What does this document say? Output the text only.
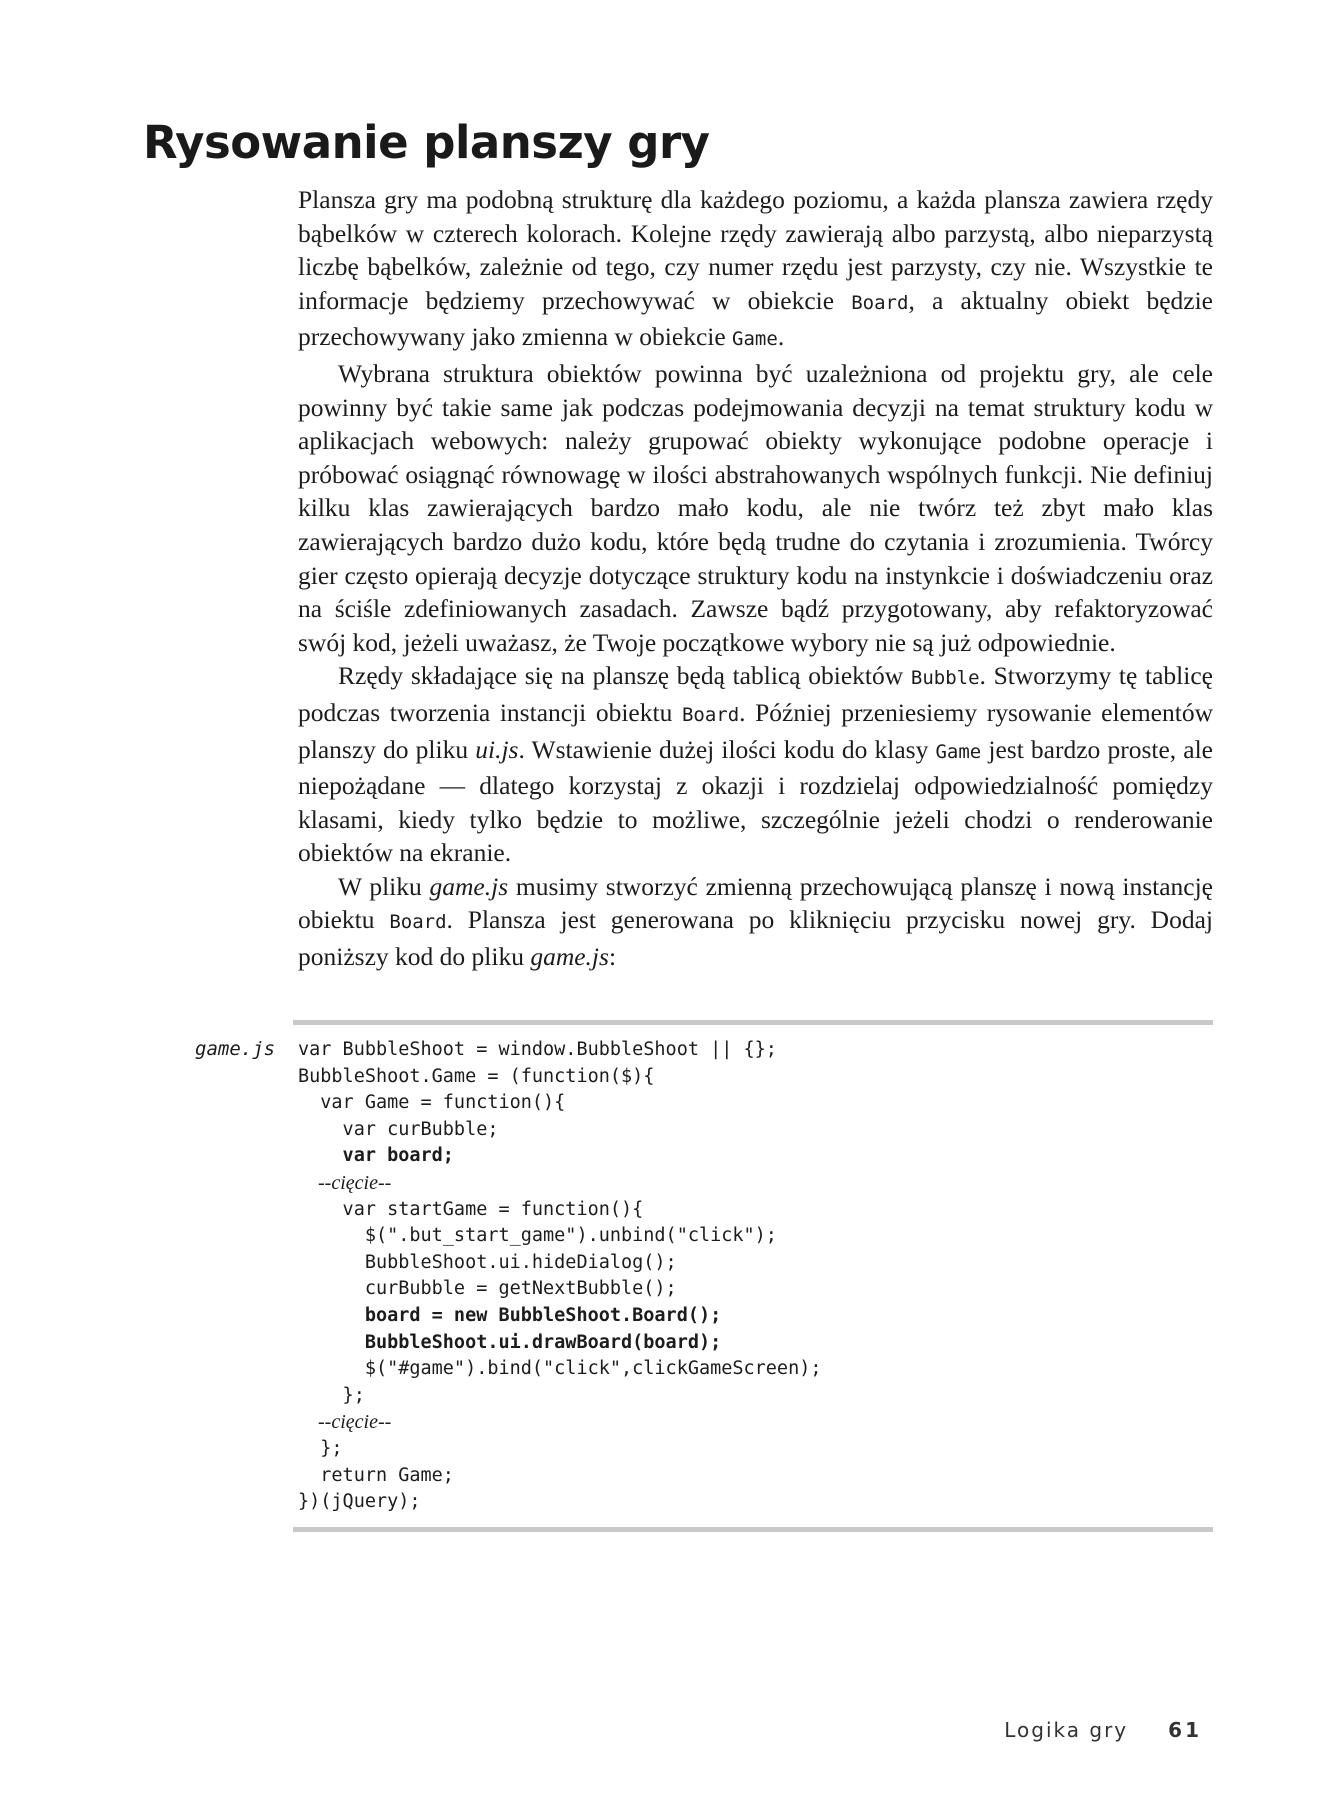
Rysowanie planszy gry

Plansza gry ma podobną strukturę dla każdego poziomu, a każda plansza zawiera rzędy bąbelków w czterech kolorach. Kolejne rzędy zawierają albo parzystą, albo nieparzystą liczbę bąbelków, zależnie od tego, czy numer rzędu jest parzysty, czy nie. Wszystkie te informacje będziemy przechowywać w obiekcie Board, a aktualny obiekt będzie przechowywany jako zmienna w obiekcie Game.

Wybrana struktura obiektów powinna być uzależniona od projektu gry, ale cele powinny być takie same jak podczas podejmowania decyzji na temat struktury kodu w aplikacjach webowych: należy grupować obiekty wykonujące podobne operacje i próbować osiągnąć równowagę w ilości abstrahowanych wspólnych funkcji. Nie definiuj kilku klas zawierających bardzo mało kodu, ale nie twórz też zbyt mało klas zawierających bardzo dużo kodu, które będą trudne do czytania i zrozumienia. Twórcy gier często opierają decyzje dotyczące struktury kodu na instynkcie i doświadczeniu oraz na ściśle zdefiniowanych zasadach. Zawsze bądź przygotowany, aby refaktoryzować swój kod, jeżeli uważasz, że Twoje początkowe wybory nie są już odpowiednie.

Rzędy składające się na planszę będą tablicą obiektów Bubble. Stworzymy tę tablicę podczas tworzenia instancji obiektu Board. Później przeniesiemy rysowanie elementów planszy do pliku ui.js. Wstawienie dużej ilości kodu do klasy Game jest bardzo proste, ale niepożądane — dlatego korzystaj z okazji i rozdzielaj odpowiedzialność pomiędzy klasami, kiedy tylko będzie to możliwe, szczególnie jeżeli chodzi o renderowanie obiektów na ekranie.

W pliku game.js musimy stworzyć zmienną przechowującą planszę i nową instancję obiektu Board. Plansza jest generowana po kliknięciu przycisku nowej gry. Dodaj poniższy kod do pliku game.js:

game.js var BubbleShoot = window.BubbleShoot || {};
BubbleShoot.Game = (function($){
var Game = function(){
var curBubble;
var board;
--cięcie--
var startGame = function(){
$(".but_start_game").unbind("click");
BubbleShoot.ui.hideDialog();
curBubble = getNextBubble();
board = new BubbleShoot.Board();
BubbleShoot.ui.drawBoard(board);
$("#game").bind("click",clickGameScreen);
};
--cięcie--
};
return Game;
})(jQuery);
Logika gry 61
